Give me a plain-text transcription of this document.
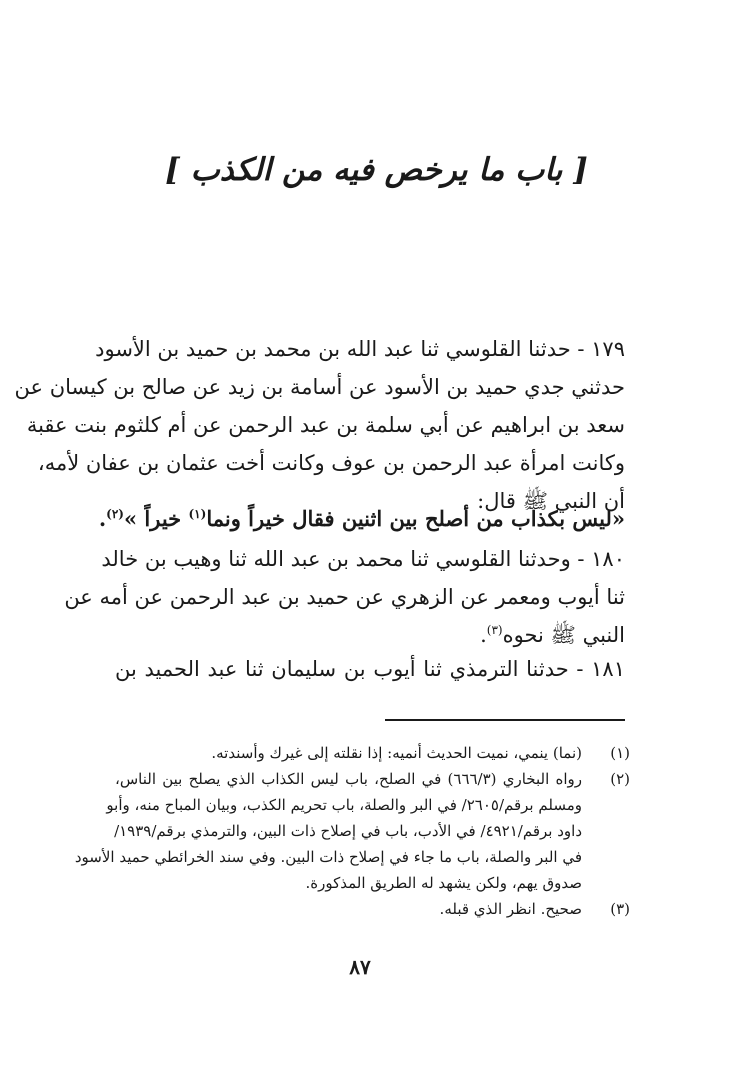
[ باب ما يرخص فيه من الكذب ]
١٧٩ - حدثنا القلوسي ثنا عبد الله بن محمد بن حميد بن الأسود
حدثني جدي حميد بن الأسود عن أسامة بن زيد عن صالح بن كيسان عن
سعد بن ابراهيم عن أبي سلمة بن عبد الرحمن عن أم كلثوم بنت عقبة
وكانت امرأة عبد الرحمن بن عوف وكانت أخت عثمان بن عفان لأمه،
أن النبي ﷺ قال:
«ليس بكذاب من أصلح بين اثنين فقال خيراً ونما$^{(١)}$ خيراً »$^{(٢)}$.
١٨٠ - وحدثنا القلوسي ثنا محمد بن عبد الله ثنا وهيب بن خالد
ثنا أيوب ومعمر عن الزهري عن حميد بن عبد الرحمن عن أمه عن
النبي ﷺ نحوه$^{(٣)}$.
١٨١ - حدثنا الترمذي ثنا أيوب بن سليمان ثنا عبد الحميد بن
(١)
(نما) ينمي، نميت الحديث أنميه: إذا نقلته إلى غيرك وأسندته.
(٢)
رواه البخاري (٦٦٦/٣) في الصلح، باب ليس الكذاب الذي يصلح بين الناس،
ومسلم برقم/٢٦٠٥/ في البر والصلة، باب تحريم الكذب، وبيان المباح منه، وأبو
داود برقم/٤٩٢١/ في الأدب، باب في إصلاح ذات البين، والترمذي برقم/١٩٣٩/
في البر والصلة، باب ما جاء في إصلاح ذات البين. وفي سند الخرائطي حميد الأسود
صدوق يهم، ولكن يشهد له الطريق المذكورة.
(٣)
صحيح. انظر الذي قبله.
٨٧
